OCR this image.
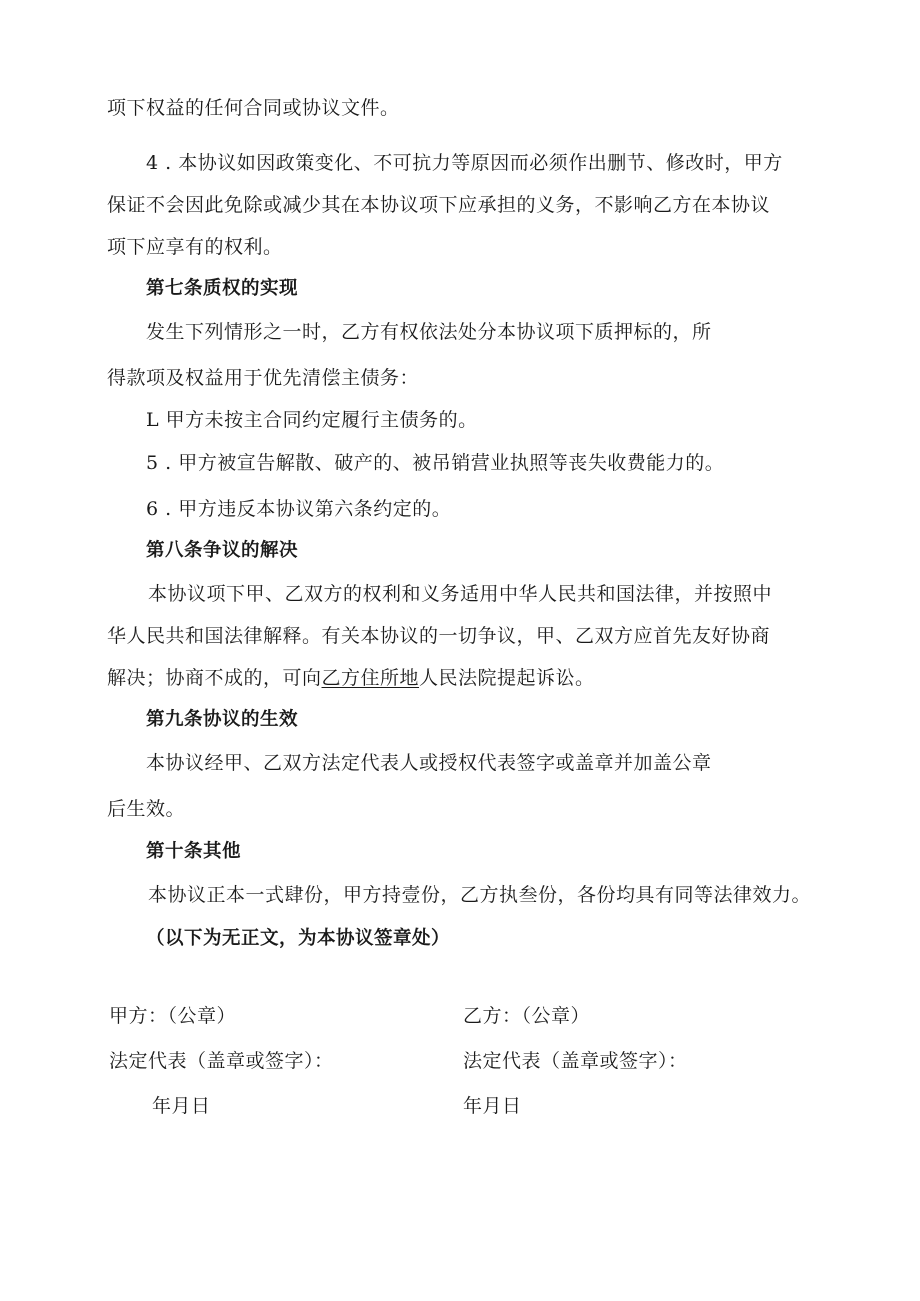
项下权益的任何合同或协议文件。
4 . 本协议如因政策变化、不可抗力等原因而必须作出删节、修改时，甲方
保证不会因此免除或减少其在本协议项下应承担的义务，不影响乙方在本协议
项下应享有的权利。
第七条质权的实现
发生下列情形之一时，乙方有权依法处分本协议项下质押标的，所
得款项及权益用于优先清偿主债务：
L 甲方未按主合同约定履行主债务的。
5 . 甲方被宣告解散、破产的、被吊销营业执照等丧失收费能力的。
6 . 甲方违反本协议第六条约定的。
第八条争议的解决
本协议项下甲、乙双方的权利和义务适用中华人民共和国法律，并按照中
华人民共和国法律解释。有关本协议的一切争议，甲、乙双方应首先友好协商
解决；协商不成的，可向乙方住所地人民法院提起诉讼。
第九条协议的生效
本协议经甲、乙双方法定代表人或授权代表签字或盖章并加盖公章
后生效。
第十条其他
本协议正本一式肆份，甲方持壹份，乙方执叁份，各份均具有同等法律效力。
（以下为无正文，为本协议签章处）
甲方：（公章）	乙方：（公章）
法定代表（盖章或签字）：	法定代表（盖章或签字）：
年月日	年月日
